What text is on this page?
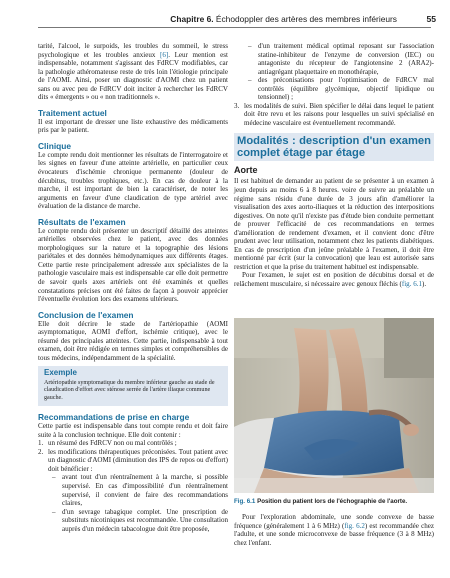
Chapitre 6. Échodoppler des artères des membres inférieurs	55

tarité, l'alcool, le surpoids, les troubles du sommeil, le stress psychologique et les troubles anxieux [6]. Leur mention est indispensable, notamment s'agissant des FdRCV modifiables, car la pathologie athéromateuse reste de très loin l'étiologie principale de l'AOMI. Ainsi, poser un diagnostic d'AOMI chez un patient sans ou avec peu de FdRCV doit inciter à rechercher les FdRCV dits « émergents » ou « non traditionnels ».

Traitement actuel

Il est important de dresser une liste exhaustive des médicaments pris par le patient.

Clinique

Le compte rendu doit mentionner les résultats de l'interrogatoire et les signes en faveur d'une atteinte artérielle, en particulier ceux évocateurs d'ischémie chronique permanente (douleur de décubitus, troubles trophiques, etc.). En cas de douleur à la marche, il est important de bien la caractériser, de noter les arguments en faveur d'une claudication de type artériel avec évaluation de la distance de marche.

Résultats de l'examen

Le compte rendu doit présenter un descriptif détaillé des atteintes artérielles observées chez le patient, avec des données morphologiques sur la nature et la topographie des lésions pariétales et des données hémodynamiques aux différents étages. Cette partie reste principalement adressée aux spécialistes de la pathologie vasculaire mais est indispensable car elle doit permettre de savoir quels axes artériels ont été examinés et quelles constatations précises ont été faites de façon à pouvoir apprécier l'éventuelle évolution lors des examens ultérieurs.

Conclusion de l'examen

Elle doit décrire le stade de l'artériopathie (AOMI asymptomatique, AOMI d'effort, ischémie critique), avec le résumé des principales atteintes. Cette partie, indispensable à tout examen, doit être rédigée en termes simples et compréhensibles de tous médecins, indépendamment de la spécialité.

Exemple

Artériopathie symptomatique du membre inférieur gauche au stade de claudication d'effort avec sténose serrée de l'artère iliaque commune gauche.

Recommandations de prise en charge

Cette partie est indispensable dans tout compte rendu et doit faire suite à la conclusion technique. Elle doit contenir :

1. un résumé des FdRCV non ou mal contrôlés ;
2. les modifications thérapeutiques préconisées. Tout patient avec un diagnostic d'AOMI (diminution des IPS de repos ou d'effort) doit bénéficier :
– avant tout d'un réentraînement à la marche, si possible supervisé. En cas d'impossibilité d'un réentraînement supervisé, il convient de faire des recommandations claires,
– d'un sevrage tabagique complet. Une prescription de substituts nicotiniques est recommandée. Une consultation auprès d'un médecin tabacologue doit être proposée,
– d'un traitement médical optimal reposant sur l'association statine-inhibiteur de l'enzyme de conversion (IEC) ou antagoniste du récepteur de l'angiotensine 2 (ARA2)-antiagrégant plaquettaire en monothérapie,
– des préconisations pour l'optimisation de FdRCV mal contrôlés (équilibre glycémique, objectif lipidique ou tensionnel) ;
3. les modalités de suivi. Bien spécifier le délai dans lequel le patient doit être revu et les raisons pour lesquelles un suivi spécialisé en médecine vasculaire est éventuellement recommandé.
Modalités : description d'un examen complet étage par étage
Aorte

Il est habituel de demander au patient de se présenter à un examen à jeun depuis au moins 6 à 8 heures. voire de suivre au préalable un régime sans résidu d'une durée de 3 jours afin d'améliorer la visualisation des axes aorto-iliaques et la réduction des interpositions digestives. On note qu'il n'existe pas d'étude bien conduite permettant de prouver l'efficacité de ces recommandations en termes d'amélioration de rendement d'examen, et il convient donc d'être prudent avec leur utilisation, notamment chez les patients diabétiques. En cas de prescription d'un jeûne préalable à l'examen, il doit être mentionné par écrit (sur la convocation) que leau est autorisée sans restriction et que la prise du traitement habituel est indispensable.

Pour l'examen, le sujet est en position de décubitus dorsal et de relâchement musculaire, si nécessaire avec genoux fléchis (fig. 6.1).

Fig. 6.1 Position du patient lors de l'échographie de l'aorte.

Pour l'exploration abdominale, une sonde convexe de basse fréquence (généralement 1 à 6 MHz) (fig. 6.2) est recommandée chez l'adulte, et une sonde microconvexe de basse fréquence (3 à 8 MHz) chez l'enfant.
